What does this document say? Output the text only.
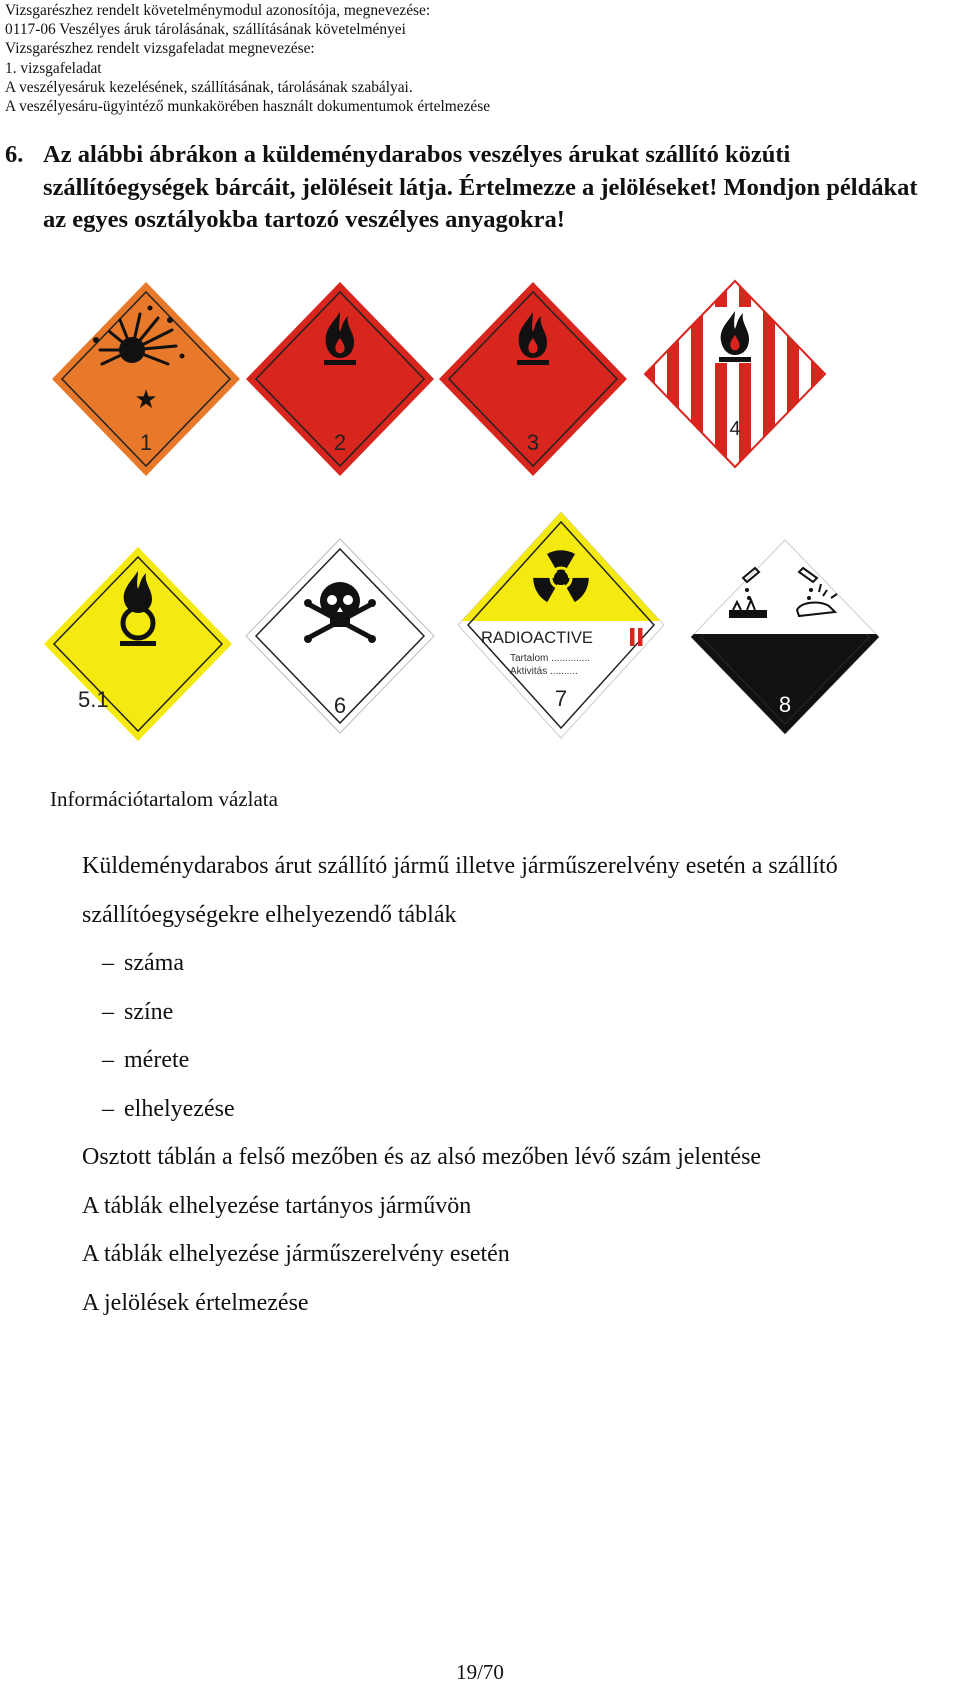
Vizsgarészhez rendelt követelménymodul azonosítója, megnevezése:
0117-06 Veszélyes áruk tárolásának, szállításának követelményei
Vizsgarészhez rendelt vizsgafeladat megnevezése:
1. vizsgafeladat
A veszélyesáruk kezelésének, szállításának, tárolásának szabályai.
A veszélyesáru-ügyintéző munkakörében használt dokumentumok értelmezése
6. Az alábbi ábrákon a küldeménydarabos veszélyes árukat szállító közúti szállítóegységek bárcáit, jelöléseit látja. Értelmezze a jelöléseket! Mondjon példákat az egyes osztályokba tartozó veszélyes anyagokra!
★
1	2	3
4
5.1	6
RADIOACTIVE
Tartalom ..............
Aktivitás ..........
7	8
Információtartalom vázlata
Küldeménydarabos árut szállító jármű illetve járműszerelvény esetén a szállító
szállítóegységekre elhelyezendő táblák
– száma
– színe
– mérete
– elhelyezése
Osztott táblán a felső mezőben és az alsó mezőben lévő szám jelentése
A táblák elhelyezése tartányos járművön
A táblák elhelyezése járműszerelvény esetén
A jelölések értelmezése
19/70
